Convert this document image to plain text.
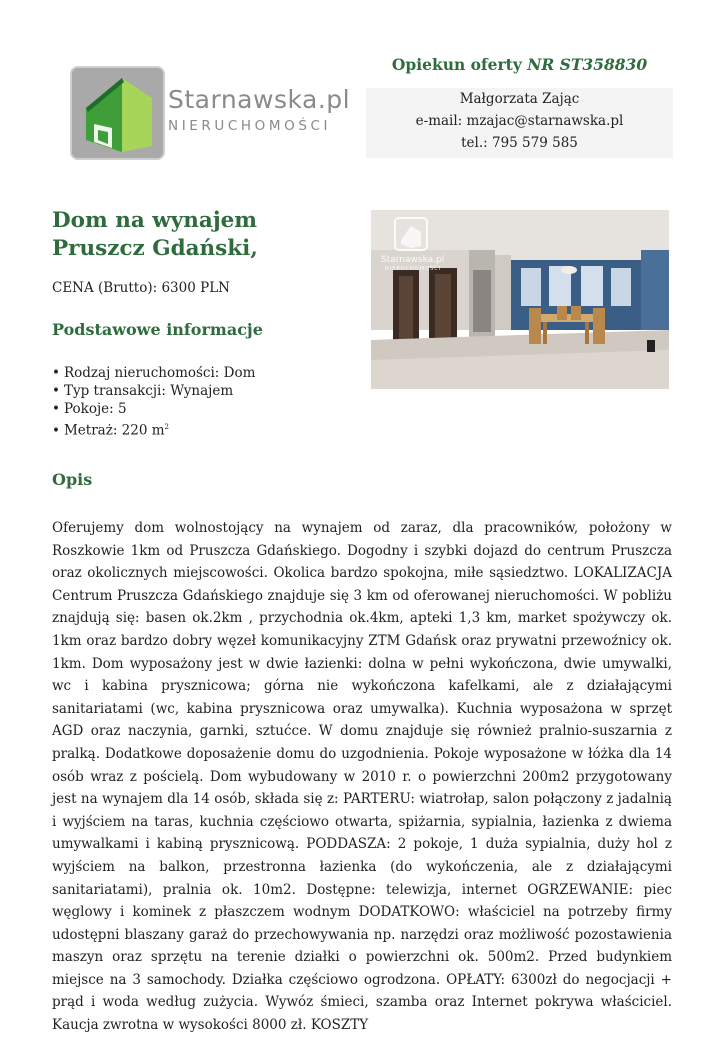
Starnawska.pl
NIERUCHOMOŚCI
Opiekun oferty NR ST358830
Małgorzata Zając
e-mail: mzajac@starnawska.pl
tel.: 795 579 585
Dom na wynajem
Pruszcz Gdański,
CENA (Brutto): 6300 PLN
Podstawowe informacje
• Rodzaj nieruchomości: Dom
• Typ transakcji: Wynajem
• Pokoje: 5
• Metraż: 220 $m^2$
Starnawska.pl
NIERUCHOMOŚCI
Opis

Oferujemy dom wolnostojący na wynajem od zaraz, dla pracowników, położony w Roszkowie 1km od Pruszcza Gdańskiego. Dogodny i szybki dojazd do centrum Pruszcza oraz okolicznych miejscowości. Okolica bardzo spokojna, miłe sąsiedztwo. LOKALIZACJA Centrum Pruszcza Gdańskiego znajduje się 3 km od oferowanej nieruchomości. W pobliżu znajdują się: basen ok.2km , przychodnia ok.4km, apteki 1,3 km, market spożywczy ok. 1km oraz bardzo dobry węzeł komunikacyjny ZTM Gdańsk oraz prywatni przewoźnicy ok. 1km. Dom wyposażony jest w dwie łazienki: dolna w pełni wykończona, dwie umywalki, wc i kabina prysznicowa; górna nie wykończona kafelkami, ale z działającymi sanitariatami (wc, kabina prysznicowa oraz umywalka). Kuchnia wyposażona w sprzęt AGD oraz naczynia, garnki, sztućce. W domu znajduje się również pralnio-suszarnia z pralką. Dodatkowe doposażenie domu do uzgodnienia. Pokoje wyposażone w łóżka dla 14 osób wraz z pościelą. Dom wybudowany w 2010 r. o powierzchni 200m2 przygotowany jest na wynajem dla 14 osób, składa się z: PARTERU: wiatrołap, salon połączony z jadalnią i wyjściem na taras, kuchnia częściowo otwarta, spiżarnia, sypialnia, łazienka z dwiema umywalkami i kabiną prysznicową. PODDASZA: 2 pokoje, 1 duża sypialnia, duży hol z wyjściem na balkon, przestronna łazienka (do wykończenia, ale z działającymi sanitariatami), pralnia ok. 10m2. Dostępne: telewizja, internet OGRZEWANIE: piec węglowy i kominek z płaszczem wodnym DODATKOWO: właściciel na potrzeby firmy udostępni blaszany garaż do przechowywania np. narzędzi oraz możliwość pozostawienia maszyn oraz sprzętu na terenie działki o powierzchni ok. 500m2. Przed budynkiem miejsce na 3 samochody. Działka częściowo ogrodzona. OPŁATY: 6300zł do negocjacji + prąd i woda według zużycia. Wywóz śmieci, szamba oraz Internet pokrywa właściciel. Kaucja zwrotna w wysokości 8000 zł. KOSZTY
